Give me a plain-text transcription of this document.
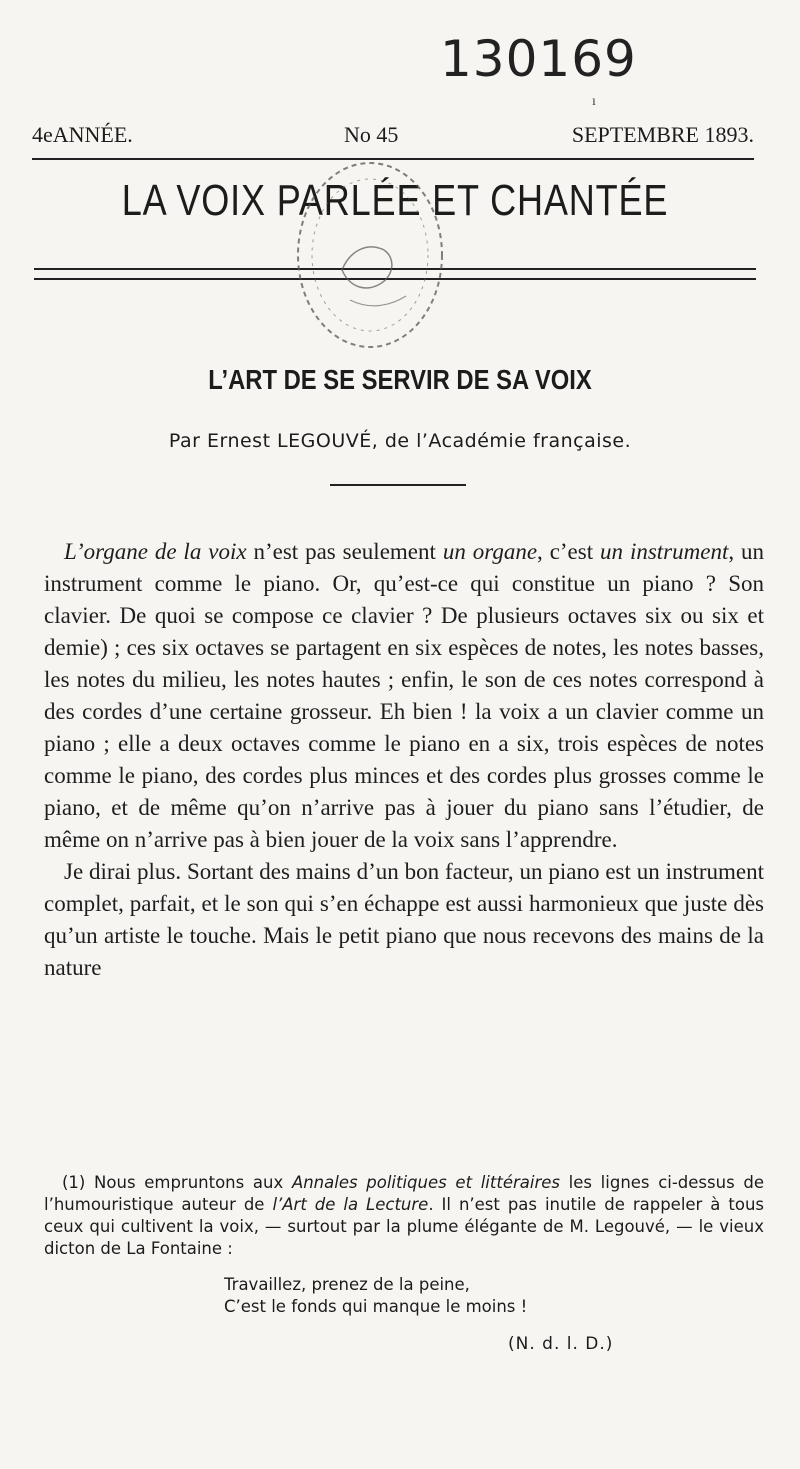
130169
ı
4eANNÉE.	No 45	SEPTEMBRE 1893.
LA VOIX PARLÉE ET CHANTÉE
L’ART DE SE SERVIR DE SA VOIX
Par Ernest LEGOUVÉ, de l’Académie française.

L’organe de la voix n’est pas seulement un organe, c’est un instrument, un instrument comme le piano. Or, qu’est-ce qui constitue un piano ? Son clavier. De quoi se compose ce clavier ? De plusieurs octaves six ou six et demie) ; ces six octaves se partagent en six espèces de notes, les notes basses, les notes du milieu, les notes hautes ; enfin, le son de ces notes correspond à des cordes d’une certaine grosseur. Eh bien ! la voix a un clavier comme un piano ; elle a deux octaves comme le piano en a six, trois espèces de notes comme le piano, des cordes plus minces et des cordes plus grosses comme le piano, et de même qu’on n’arrive pas à jouer du piano sans l’étudier, de même on n’arrive pas à bien jouer de la voix sans l’apprendre.

Je dirai plus. Sortant des mains d’un bon facteur, un piano est un instrument complet, parfait, et le son qui s’en échappe est aussi harmonieux que juste dès qu’un artiste le touche. Mais le petit piano que nous recevons des mains de la nature

(1) Nous empruntons aux Annales politiques et littéraires les lignes ci-dessus de l’humouristique auteur de l’Art de la Lecture. Il n’est pas inutile de rappeler à tous ceux qui cultivent la voix, — surtout par la plume élégante de M. Legouvé, — le vieux dicton de La Fontaine :
Travaillez, prenez de la peine,
C’est le fonds qui manque le moins !
(N. d. l. D.)
